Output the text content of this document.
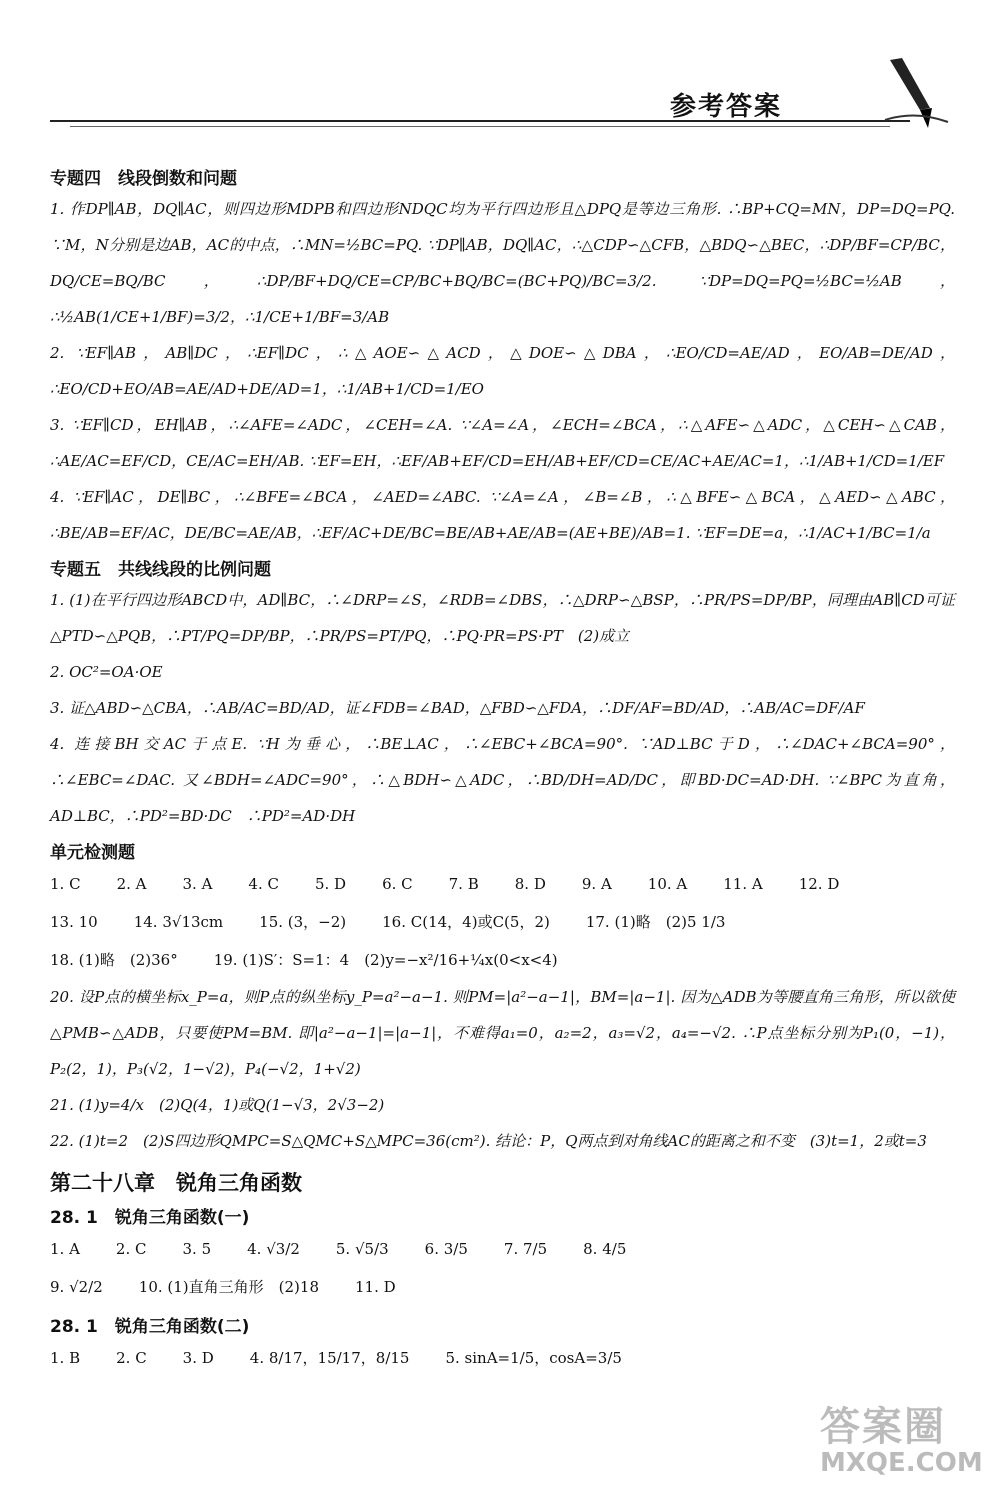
参考答案
专题四　线段倒数和问题
1. 作DP∥AB，DQ∥AC，则四边形MDPB和四边形NDQC均为平行四边形且△DPQ是等边三角形. ∴BP+CQ=MN，DP=DQ=PQ. ∵M，N分别是边AB，AC的中点，∴MN=½BC=PQ. ∵DP∥AB，DQ∥AC，∴△CDP∽△CFB，△BDQ∽△BEC，∴DP/BF=CP/BC，DQ/CE=BQ/BC，∴DP/BF+DQ/CE=CP/BC+BQ/BC=(BC+PQ)/BC=3/2. ∵DP=DQ=PQ=½BC=½AB，∴½AB(1/CE+1/BF)=3/2，∴1/CE+1/BF=3/AB
2. ∵EF∥AB，AB∥DC，∴EF∥DC，∴△AOE∽△ACD，△DOE∽△DBA，∴EO/CD=AE/AD，EO/AB=DE/AD，∴EO/CD+EO/AB=AE/AD+DE/AD=1，∴1/AB+1/CD=1/EO
3. ∵EF∥CD，EH∥AB，∴∠AFE=∠ADC，∠CEH=∠A. ∵∠A=∠A，∠ECH=∠BCA，∴△AFE∽△ADC，△CEH∽△CAB，∴AE/AC=EF/CD，CE/AC=EH/AB. ∵EF=EH，∴EF/AB+EF/CD=EH/AB+EF/CD=CE/AC+AE/AC=1，∴1/AB+1/CD=1/EF
4. ∵EF∥AC，DE∥BC，∴∠BFE=∠BCA，∠AED=∠ABC. ∵∠A=∠A，∠B=∠B，∴△BFE∽△BCA，△AED∽△ABC，∴BE/AB=EF/AC，DE/BC=AE/AB，∴EF/AC+DE/BC=BE/AB+AE/AB=(AE+BE)/AB=1. ∵EF=DE=a，∴1/AC+1/BC=1/a
专题五　共线线段的比例问题
1. (1)在平行四边形ABCD中，AD∥BC，∴∠DRP=∠S，∠RDB=∠DBS，∴△DRP∽△BSP，∴PR/PS=DP/BP，同理由AB∥CD可证△PTD∽△PQB，∴PT/PQ=DP/BP，∴PR/PS=PT/PQ，∴PQ·PR=PS·PT　(2)成立
2. OC²=OA·OE
3. 证△ABD∽△CBA，∴AB/AC=BD/AD，证∠FDB=∠BAD，△FBD∽△FDA，∴DF/AF=BD/AD，∴AB/AC=DF/AF
4. 连接BH交AC于点E. ∵H为垂心，∴BE⊥AC，∴∠EBC+∠BCA=90°. ∵AD⊥BC于D，∴∠DAC+∠BCA=90°，∴∠EBC=∠DAC. 又∠BDH=∠ADC=90°，∴△BDH∽△ADC，∴BD/DH=AD/DC，即BD·DC=AD·DH. ∵∠BPC为直角，AD⊥BC，∴PD²=BD·DC　∴PD²=AD·DH
单元检测题
1. C 2. A 3. A 4. C 5. D 6. C 7. B 8. D 9. A 10. A 11. A 12. D
13. 10 14. 3√13cm 15. (3，−2) 16. C(14，4)或C(5，2) 17. (1)略　(2)5 1/3
18. (1)略　(2)36° 19. (1)S′：S=1：4　(2)y=−x²/16+¼x(0<x<4)
20. 设P点的横坐标x_P=a，则P点的纵坐标y_P=a²−a−1. 则PM=|a²−a−1|，BM=|a−1|. 因为△ADB为等腰直角三角形，所以欲使△PMB∽△ADB，只要使PM=BM. 即|a²−a−1|=|a−1|，不难得a₁=0，a₂=2，a₃=√2，a₄=−√2. ∴P点坐标分别为P₁(0，−1)，P₂(2，1)，P₃(√2，1−√2)，P₄(−√2，1+√2)
21. (1)y=4/x　(2)Q(4，1)或Q(1−√3，2√3−2)
22. (1)t=2　(2)S四边形QMPC=S△QMC+S△MPC=36(cm²). 结论：P，Q两点到对角线AC的距离之和不变　(3)t=1，2或t=3
第二十八章　锐角三角函数
28. 1　锐角三角函数(一)
1. A 2. C 3. 5 4. √3/2 5. √5/3 6. 3/5 7. 7/5 8. 4/5
9. √2/2 10. (1)直角三角形　(2)18 11. D
28. 1　锐角三角函数(二)
1. B 2. C 3. D 4. 8/17，15/17，8/15 5. sinA=1/5，cosA=3/5
答案圈
MXQE.COM
